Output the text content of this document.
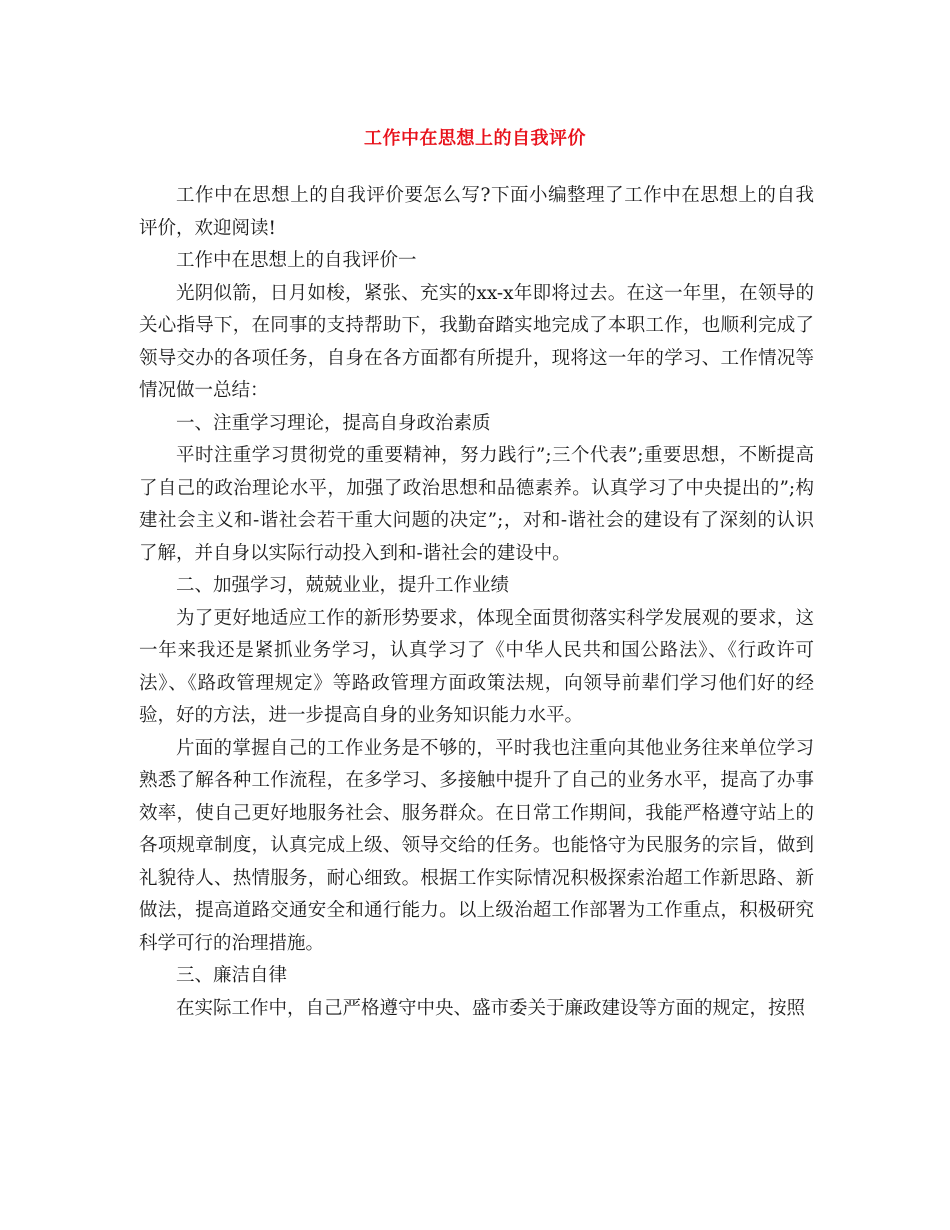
工作中在思想上的自我评价

工作中在思想上的自我评价要怎么写?下面小编整理了工作中在思想上的自我评价，欢迎阅读!

工作中在思想上的自我评价一

光阴似箭，日月如梭，紧张、充实的xx-x年即将过去。在这一年里，在领导的关心指导下，在同事的支持帮助下，我勤奋踏实地完成了本职工作，也顺利完成了领导交办的各项任务，自身在各方面都有所提升，现将这一年的学习、工作情况等情况做一总结：

一、注重学习理论，提高自身政治素质

平时注重学习贯彻党的重要精神，努力践行”;三个代表”;重要思想，不断提高了自己的政治理论水平，加强了政治思想和品德素养。认真学习了中央提出的”;构建社会主义和-谐社会若干重大问题的决定”;，对和-谐社会的建设有了深刻的认识了解，并自身以实际行动投入到和-谐社会的建设中。

二、加强学习，兢兢业业，提升工作业绩

为了更好地适应工作的新形势要求，体现全面贯彻落实科学发展观的要求，这一年来我还是紧抓业务学习，认真学习了《中华人民共和国公路法》、《行政许可法》、《路政管理规定》等路政管理方面政策法规，向领导前辈们学习他们好的经验，好的方法，进一步提高自身的业务知识能力水平。

片面的掌握自己的工作业务是不够的，平时我也注重向其他业务往来单位学习熟悉了解各种工作流程，在多学习、多接触中提升了自己的业务水平，提高了办事效率，使自己更好地服务社会、服务群众。在日常工作期间，我能严格遵守站上的各项规章制度，认真完成上级、领导交给的任务。也能恪守为民服务的宗旨，做到礼貌待人、热情服务，耐心细致。根据工作实际情况积极探索治超工作新思路、新做法，提高道路交通安全和通行能力。以上级治超工作部署为工作重点，积极研究科学可行的治理措施。

三、廉洁自律

在实际工作中，自己严格遵守中央、盛市委关于廉政建设等方面的规定，按照
